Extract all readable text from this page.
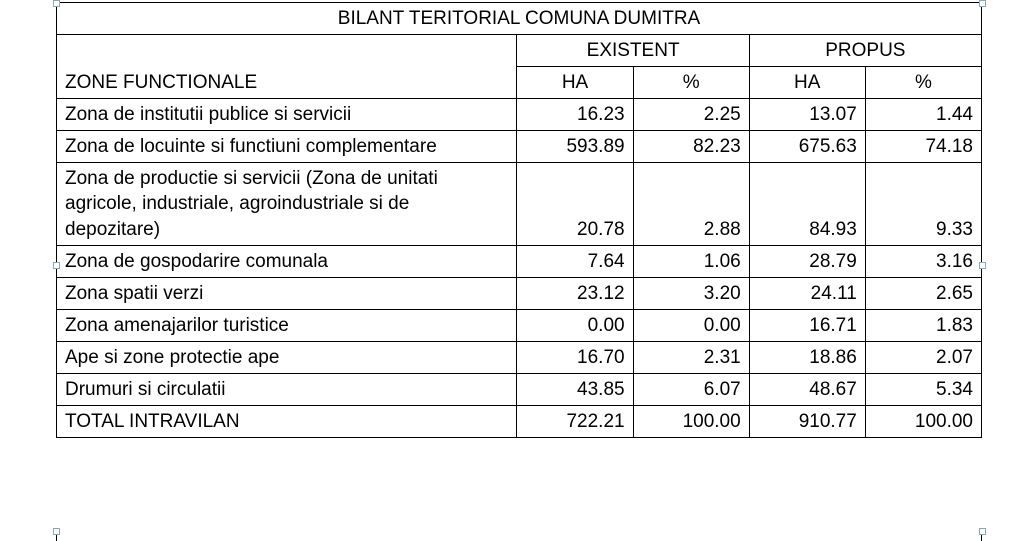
BILANT TERITORIAL COMUNA DUMITRA				
ZONE FUNCTIONALE	EXISTENT		PROPUS	
	HA	%	HA	%
Zona de institutii publice si servicii	16.23	2.25	13.07	1.44
Zona de locuinte si functiuni complementare	593.89	82.23	675.63	74.18
Zona de productie si servicii (Zona de unitati agricole, industriale, agroindustriale si de depozitare)	20.78	2.88	84.93	9.33
Zona de gospodarire comunala	7.64	1.06	28.79	3.16
Zona spatii verzi	23.12	3.20	24.11	2.65
Zona amenajarilor turistice	0.00	0.00	16.71	1.83
Ape si zone protectie ape	16.70	2.31	18.86	2.07
Drumuri si circulatii	43.85	6.07	48.67	5.34
TOTAL INTRAVILAN	722.21	100.00	910.77	100.00
